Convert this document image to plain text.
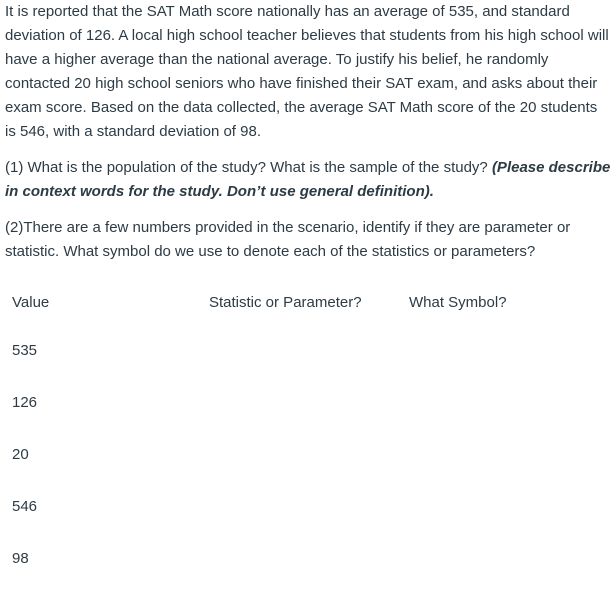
It is reported that the SAT Math score nationally has an average of 535, and standard deviation of 126. A local high school teacher believes that students from his high school will have a higher average than the national average. To justify his belief, he randomly contacted 20 high school seniors who have finished their SAT exam, and asks about their exam score. Based on the data collected, the average SAT Math score of the 20 students is 546, with a standard deviation of 98.

(1) What is the population of the study? What is the sample of the study? (Please describe in context words for the study. Don’t use general definition).

(2)There are a few numbers provided in the scenario, identify if they are parameter or statistic. What symbol do we use to denote each of the statistics or parameters?

Value	Statistic or Parameter?	What Symbol?
535		
126		
20		
546		
98		
